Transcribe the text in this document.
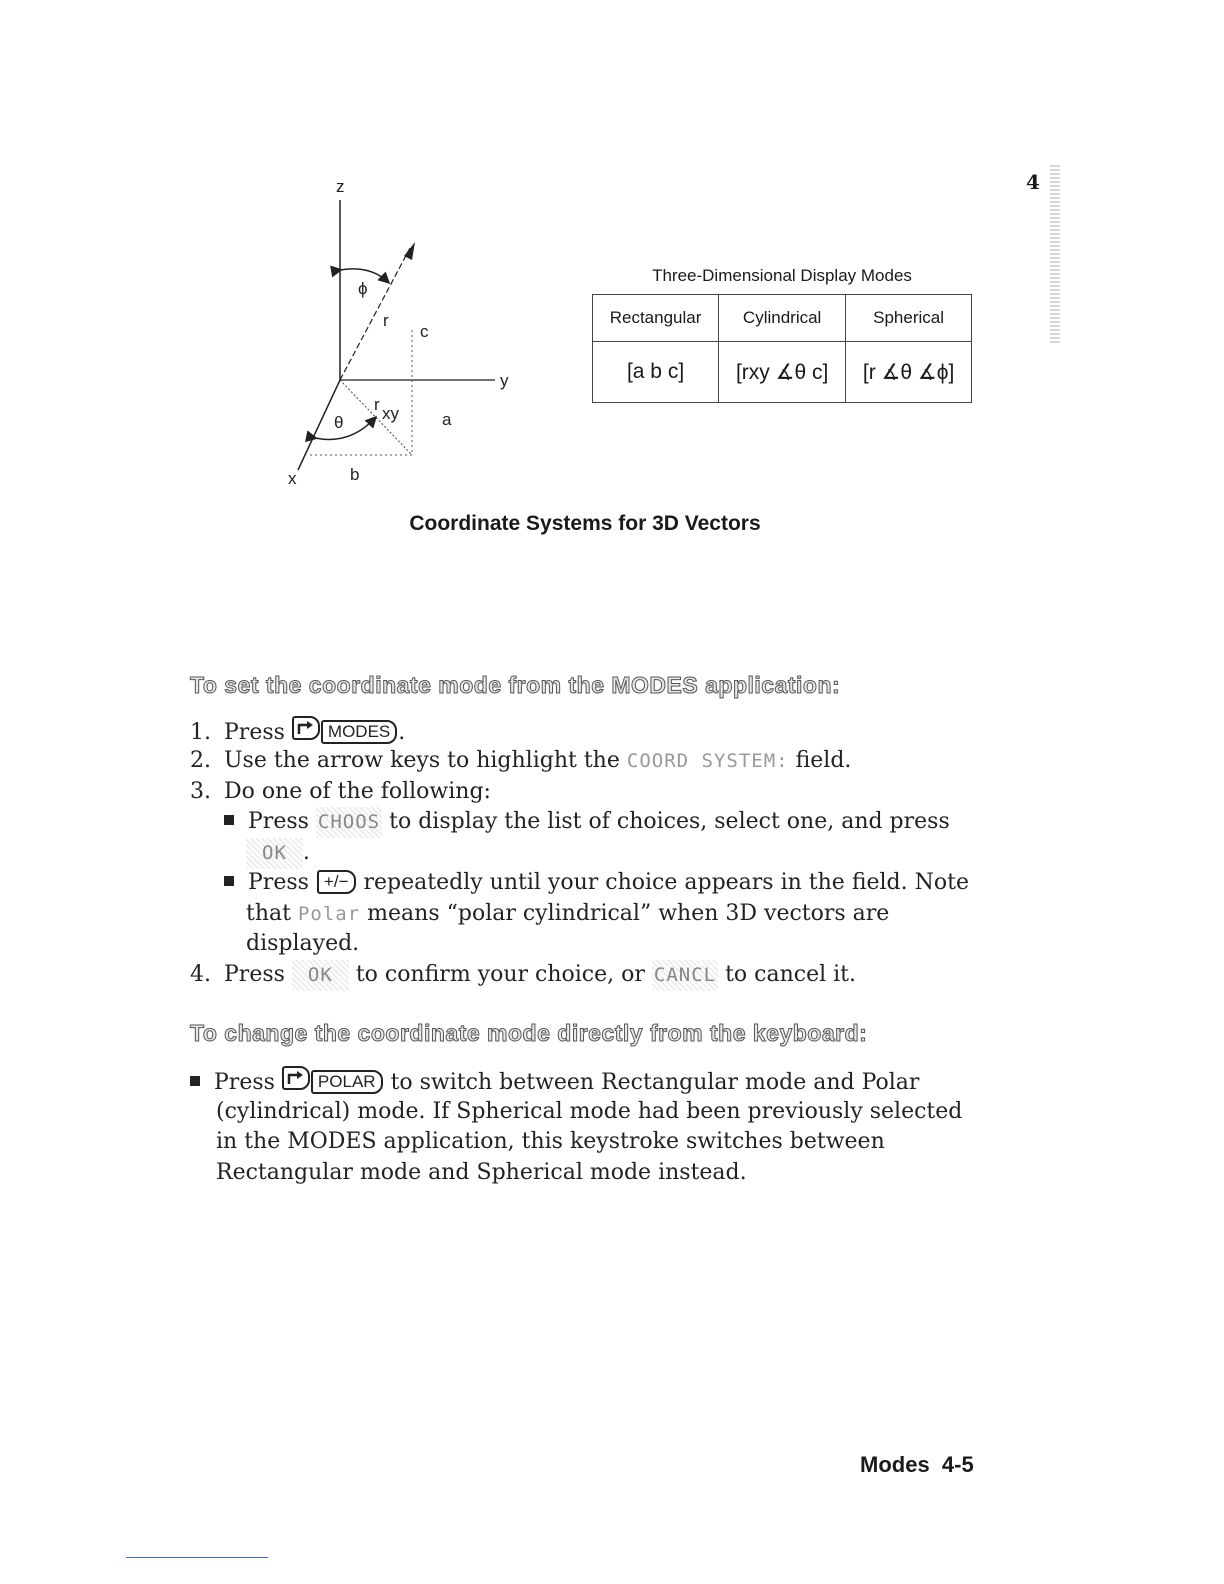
4
z
y
x
ϕ
r
c
θ
r xy	a
b
Three-Dimensional Display Modes
Rectangular	Cylindrical	Spherical
[a b c]	[rxy ∡θ c]	[r ∡θ ∡ϕ]
Coordinate Systems for 3D Vectors
To set the coordinate mode from the MODES application:
1. Press	MODES .
2. Use the arrow keys to highlight the COORD SYSTEM: field.
3. Do one of the following:
Press CHOOS to display the list of choices, select one, and press
OK .
Press +/− repeatedly until your choice appears in the field. Note
that Polar means “polar cylindrical” when 3D vectors are
displayed.
4. Press OK to confirm your choice, or CANCL to cancel it.
To change the coordinate mode directly from the keyboard:
Press	POLAR to switch between Rectangular mode and Polar
(cylindrical) mode. If Spherical mode had been previously selected
in the MODES application, this keystroke switches between
Rectangular mode and Spherical mode instead.
Modes 4-5
